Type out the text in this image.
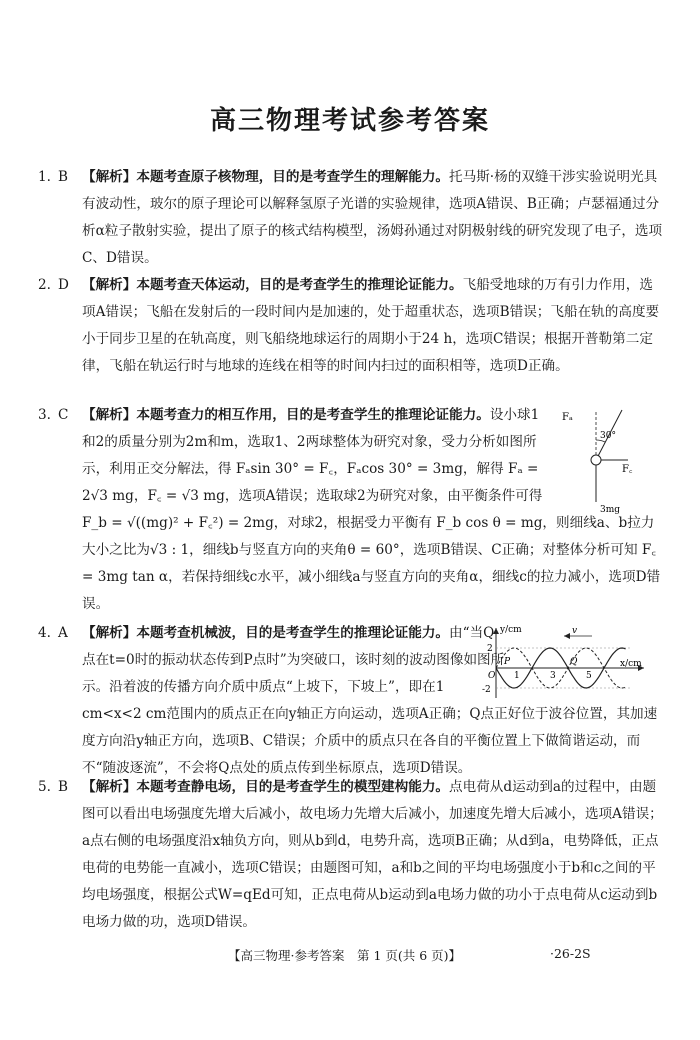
高三物理考试参考答案
1. B 【解析】本题考查原子核物理，目的是考查学生的理解能力。托马斯·杨的双缝干涉实验说明光具有波动性，玻尔的原子理论可以解释氢原子光谱的实验规律，选项A错误、B正确；卢瑟福通过分析α粒子散射实验，提出了原子的核式结构模型，汤姆孙通过对阴极射线的研究发现了电子，选项C、D错误。
2. D 【解析】本题考查天体运动，目的是考查学生的推理论证能力。飞船受地球的万有引力作用，选项A错误；飞船在发射后的一段时间内是加速的，处于超重状态，选项B错误；飞船在轨的高度要小于同步卫星的在轨高度，则飞船绕地球运行的周期小于24 h，选项C错误；根据开普勒第二定律，飞船在轨运行时与地球的连线在相等的时间内扫过的面积相等，选项D正确。
3. C 【解析】本题考查力的相互作用，目的是考查学生的推理论证能力。设小球1和2的质量分别为2m和m，选取1、2两球整体为研究对象，受力分析如图所示，利用正交分解法，得 Fₐsin 30° = F꜀，Fₐcos 30° = 3mg，解得 Fₐ = 2√3 mg，F꜀ = √3 mg，选项A错误；选取球2为研究对象，由平衡条件可得
F_b = √((mg)² + F꜀²) = 2mg，对球2，根据受力平衡有 F_b cos θ = mg，则细线a、b拉力大小之比为√3 : 1，细线b与竖直方向的夹角θ = 60°，选项B错误、C正确；对整体分析可知 F꜀ = 3mg tan α，若保持细线c水平，减小细线a与竖直方向的夹角α，细线c的拉力减小，选项D错误。
Fₐ
30°
F꜀
3mg
4. A 【解析】本题考查机械波，目的是考查学生的推理论证能力。由“当Q点在t=0时的振动状态传到P点时”为突破口，该时刻的波动图像如图所示。沿着波的传播方向介质中质点“上坡下，下坡上”，即在1 cm<x<2 cm范围内的质点正在向y轴正方向运动，选项A正确；Q点正好位于波谷位置，其加速度方向沿y轴正方向，选项B、C错误；介质中的质点只在各自的平衡位置上下做简谐运动，而不“随波逐流”，不会将Q点处的质点传到坐标原点，选项D错误。
v
y/cm
x/cm
2
-2
O 1	3	5
P	Q
5. B 【解析】本题考查静电场，目的是考查学生的模型建构能力。点电荷从d运动到a的过程中，由题图可以看出电场强度先增大后减小，故电场力先增大后减小，加速度先增大后减小，选项A错误；a点右侧的电场强度沿x轴负方向，则从b到d，电势升高，选项B正确；从d到a，电势降低，正点电荷的电势能一直减小，选项C错误；由题图可知，a和b之间的平均电场强度小于b和c之间的平均电场强度，根据公式W=qEd可知，正点电荷从b运动到a电场力做的功小于点电荷从c运动到b电场力做的功，选项D错误。
【高三物理·参考答案　第 1 页(共 6 页)】	·26-2S
